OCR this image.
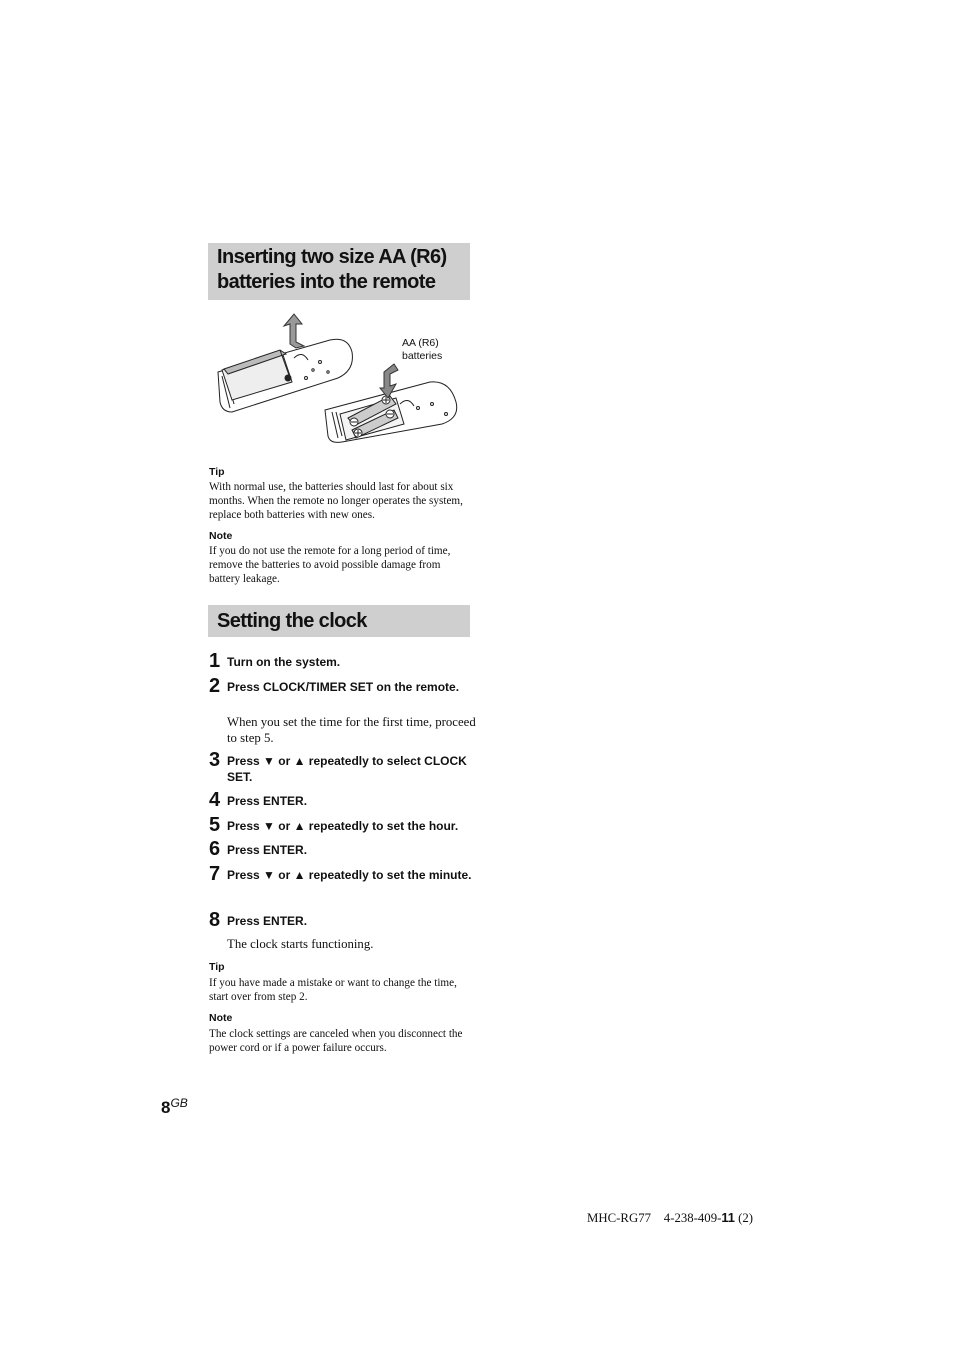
Inserting two size AA (R6)
batteries into the remote
AA (R6)
batteries
Tip
With normal use, the batteries should last for about six months. When the remote no longer operates the system, replace both batteries with new ones.
Note
If you do not use the remote for a long period of time, remove the batteries to avoid possible damage from battery leakage.
Setting the clock
1 Turn on the system.
2 Press CLOCK/TIMER SET on the remote.
When you set the time for the first time, proceed to step 5.
3 Press ▼ or ▲ repeatedly to select CLOCK SET.
4 Press ENTER.
5 Press ▼ or ▲ repeatedly to set the hour.
6 Press ENTER.
7 Press ▼ or ▲ repeatedly to set the minute.
8 Press ENTER.
The clock starts functioning.
Tip
If you have made a mistake or want to change the time, start over from step 2.
Note
The clock settings are canceled when you disconnect the power cord or if a power failure occurs.
$8^{GB}$
MHC-RG77 4-238-409-11 (2)
